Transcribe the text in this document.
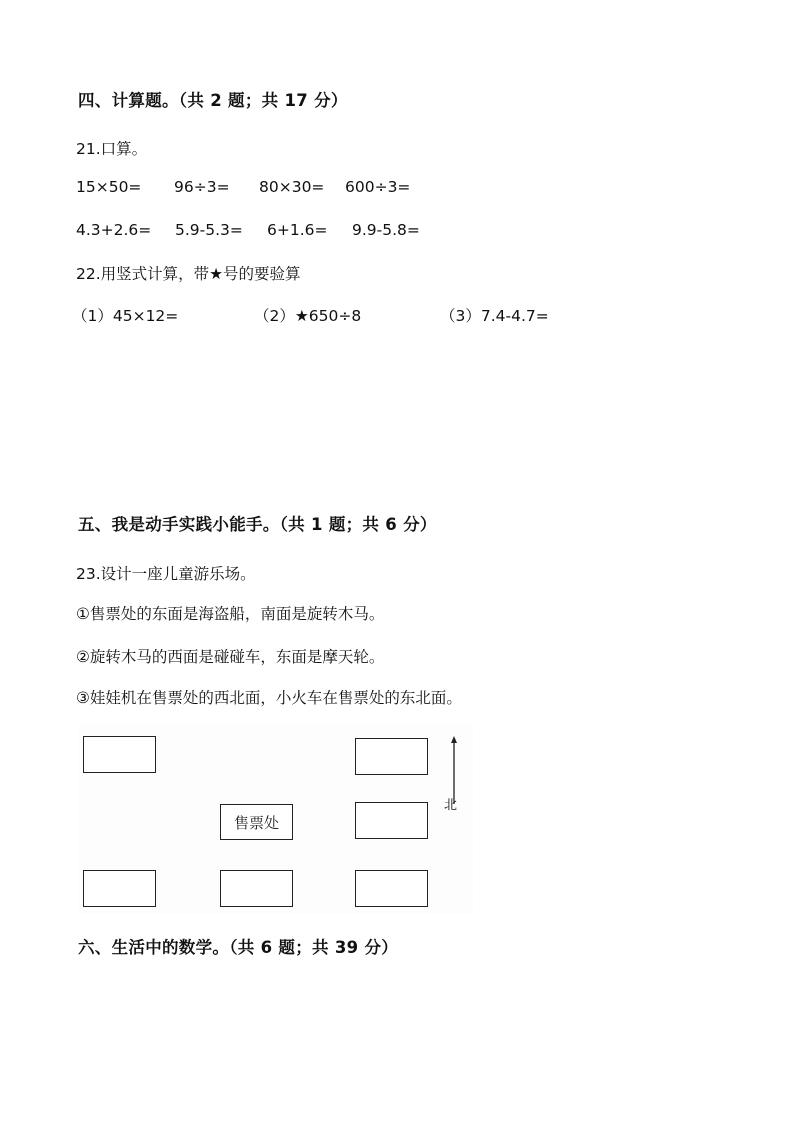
四、计算题。（共 2 题；共 17 分）
21.口算。
15×50= 96÷3= 80×30= 600÷3=
4.3+2.6= 5.9-5.3= 6+1.6= 9.9-5.8=
22.用竖式计算，带★号的要验算
（1）45×12=	（2）★650÷8	（3）7.4-4.7=
五、我是动手实践小能手。（共 1 题；共 6 分）
23.设计一座儿童游乐场。
①售票处的东面是海盗船，南面是旋转木马。
②旋转木马的西面是碰碰车，东面是摩天轮。
③娃娃机在售票处的西北面，小火车在售票处的东北面。
售票处
北
六、生活中的数学。（共 6 题；共 39 分）
